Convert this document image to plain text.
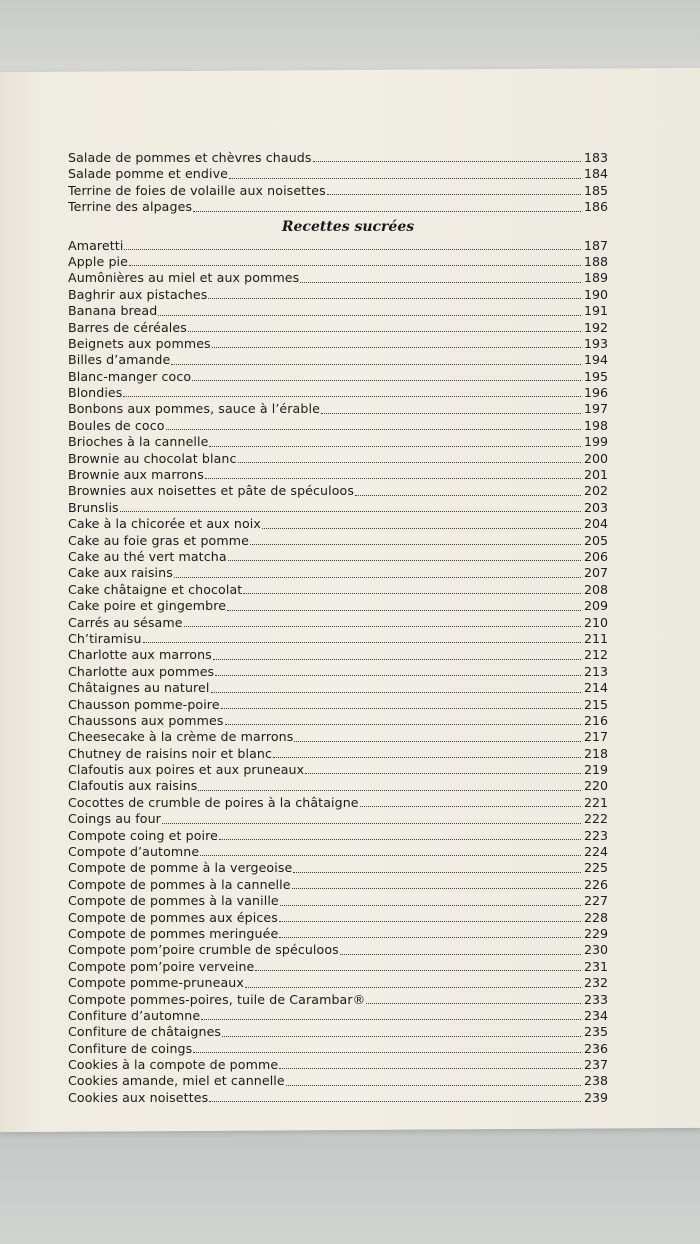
Salade de pommes et chèvres chauds	183
Salade pomme et endive	184
Terrine de foies de volaille aux noisettes	185
Terrine des alpages	186
Recettes sucrées
Amaretti	187
Apple pie	188
Aumônières au miel et aux pommes	189
Baghrir aux pistaches	190
Banana bread	191
Barres de céréales	192
Beignets aux pommes	193
Billes d’amande	194
Blanc-manger coco	195
Blondies	196
Bonbons aux pommes, sauce à l’érable	197
Boules de coco	198
Brioches à la cannelle	199
Brownie au chocolat blanc	200
Brownie aux marrons	201
Brownies aux noisettes et pâte de spéculoos	202
Brunslis	203
Cake à la chicorée et aux noix	204
Cake au foie gras et pomme	205
Cake au thé vert matcha	206
Cake aux raisins	207
Cake châtaigne et chocolat	208
Cake poire et gingembre	209
Carrés au sésame	210
Ch’tiramisu	211
Charlotte aux marrons	212
Charlotte aux pommes	213
Châtaignes au naturel	214
Chausson pomme-poire	215
Chaussons aux pommes	216
Cheesecake à la crème de marrons	217
Chutney de raisins noir et blanc	218
Clafoutis aux poires et aux pruneaux	219
Clafoutis aux raisins	220
Cocottes de crumble de poires à la châtaigne	221
Coings au four	222
Compote coing et poire	223
Compote d’automne	224
Compote de pomme à la vergeoise	225
Compote de pommes à la cannelle	226
Compote de pommes à la vanille	227
Compote de pommes aux épices	228
Compote de pommes meringuée	229
Compote pom’poire crumble de spéculoos	230
Compote pom’poire verveine	231
Compote pomme-pruneaux	232
Compote pommes-poires, tuile de Carambar®	233
Confiture d’automne	234
Confiture de châtaignes	235
Confiture de coings	236
Cookies à la compote de pomme	237
Cookies amande, miel et cannelle	238
Cookies aux noisettes	239
